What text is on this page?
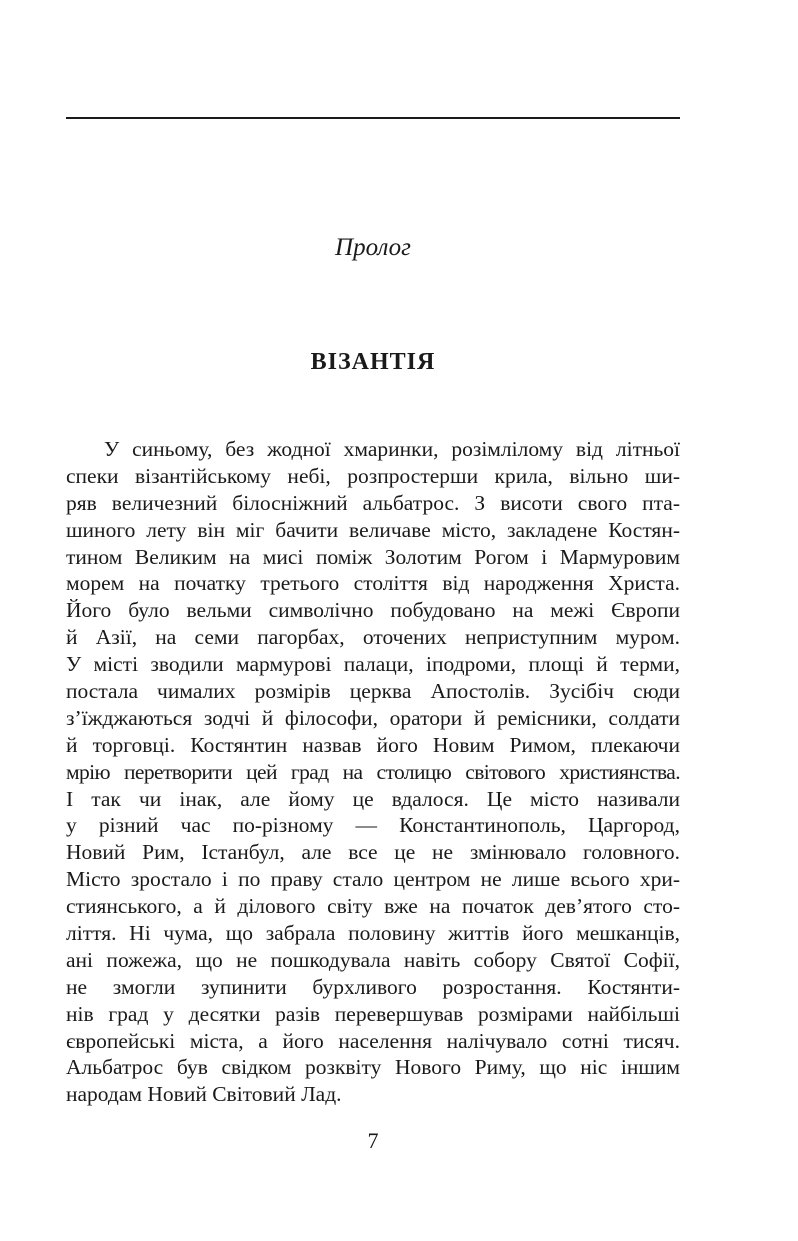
Пролог
ВІЗАНТІЯ
У синьому, без жодної хмаринки, розімлілому від літньої
спеки візантійському небі, розпростерши крила, вільно ши-
ряв величезний білосніжний альбатрос. З висоти свого пта-
шиного лету він міг бачити величаве місто, закладене Костян-
тином Великим на мисі поміж Золотим Рогом і Мармуровим
морем на початку третього століття від народження Христа.
Його було вельми символічно побудовано на межі Європи
й Азії, на семи пагорбах, оточених неприступним муром.
У місті зводили мармурові палаци, іподроми, площі й терми,
постала чималих розмірів церква Апостолів. Зусібіч сюди
з’їжджаються зодчі й філософи, оратори й ремісники, солдати
й торговці. Костянтин назвав його Новим Римом, плекаючи
мрію перетворити цей град на столицю світового християнства.
І так чи інак, але йому це вдалося. Це місто називали
у різний час по-різному — Константинополь, Царгород,
Новий Рим, Істанбул, але все це не змінювало головного.
Місто зростало і по праву стало центром не лише всього хри-
стиянського, а й ділового світу вже на початок дев’ятого сто-
ліття. Ні чума, що забрала половину життів його мешканців,
ані пожежа, що не пошкодувала навіть собору Святої Софії,
не змогли зупинити бурхливого розростання. Костянти-
нів град у десятки разів перевершував розмірами найбільші
європейські міста, а його населення налічувало сотні тисяч.
Альбатрос був свідком розквіту Нового Риму, що ніс іншим
народам Новий Світовий Лад.
7
